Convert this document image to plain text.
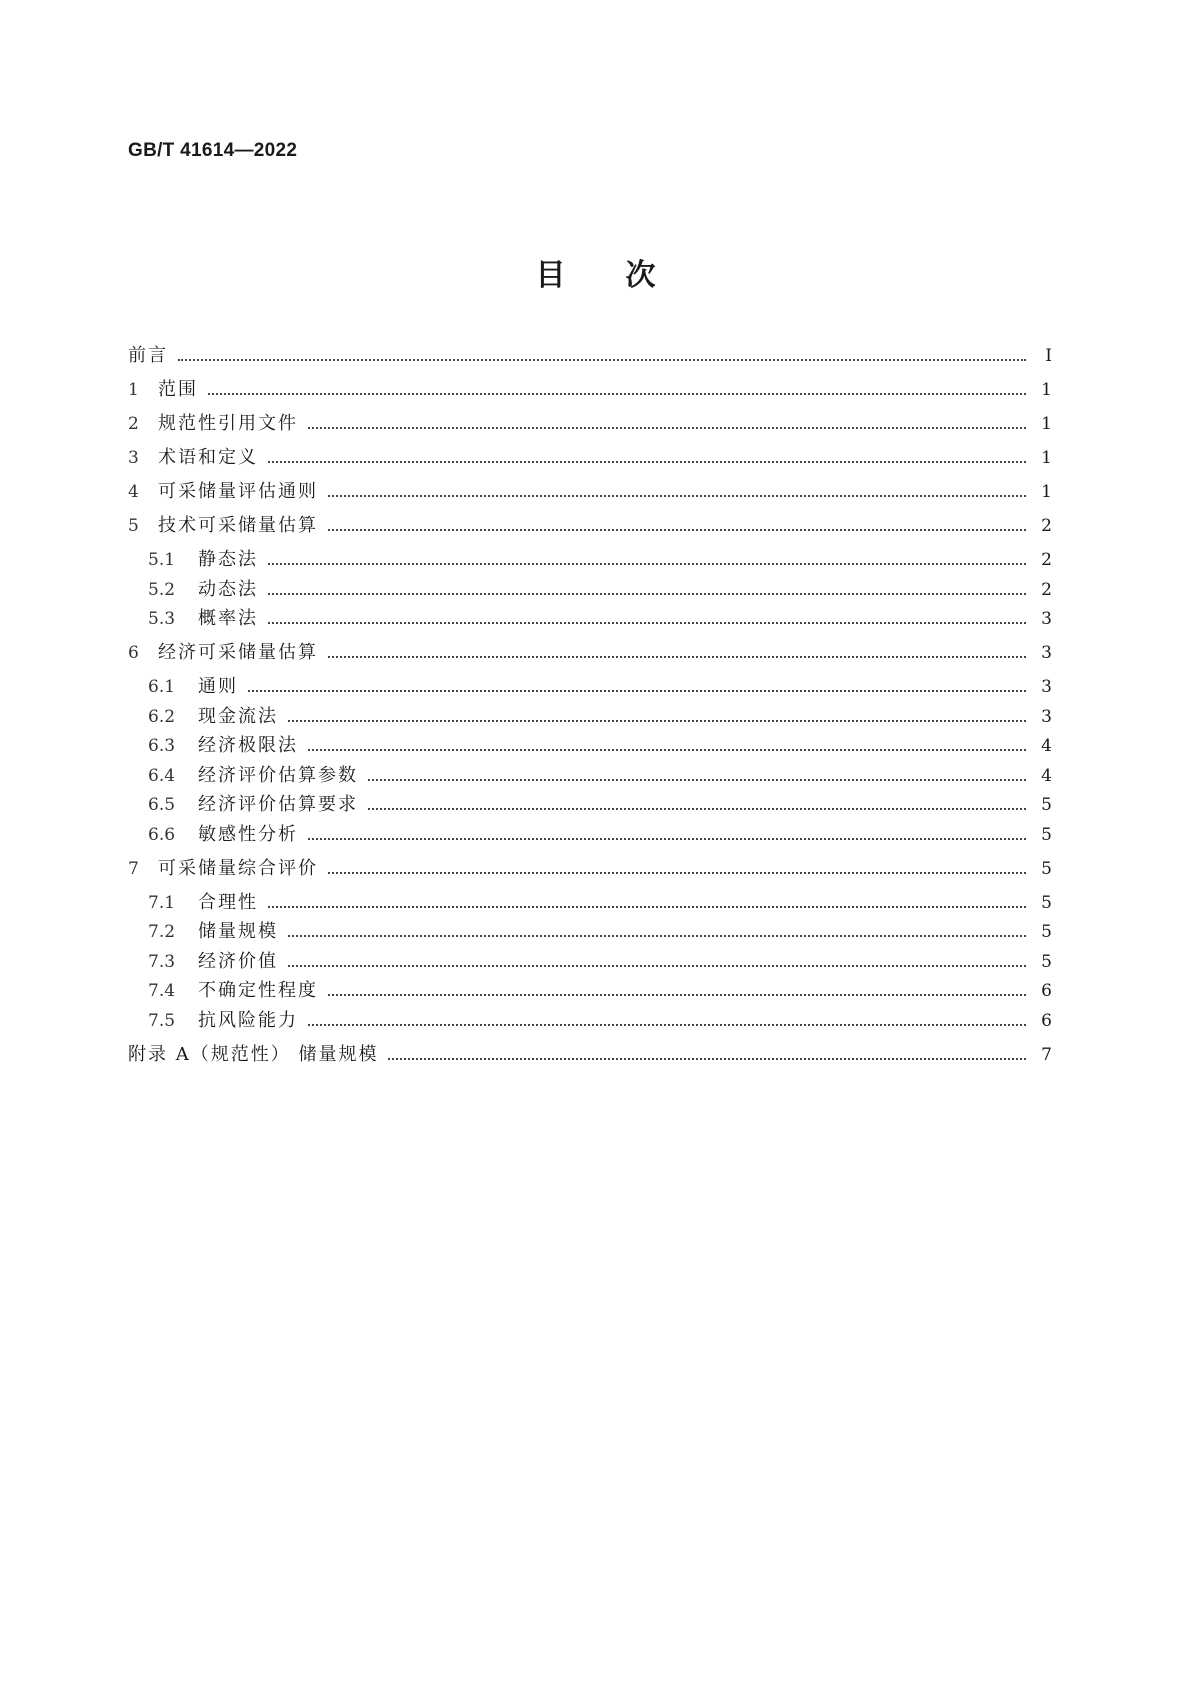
GB/T 41614—2022
目次
前言	Ⅰ
1	范围	1
2	规范性引用文件	1
3	术语和定义	1
4	可采储量评估通则	1
5	技术可采储量估算	2
5.1	静态法	2
5.2	动态法	2
5.3	概率法	3
6	经济可采储量估算	3
6.1	通则	3
6.2	现金流法	3
6.3	经济极限法	4
6.4	经济评价估算参数	4
6.5	经济评价估算要求	5
6.6	敏感性分析	5
7	可采储量综合评价	5
7.1	合理性	5
7.2	储量规模	5
7.3	经济价值	5
7.4	不确定性程度	6
7.5	抗风险能力	6
附录 A（规范性） 储量规模	7
